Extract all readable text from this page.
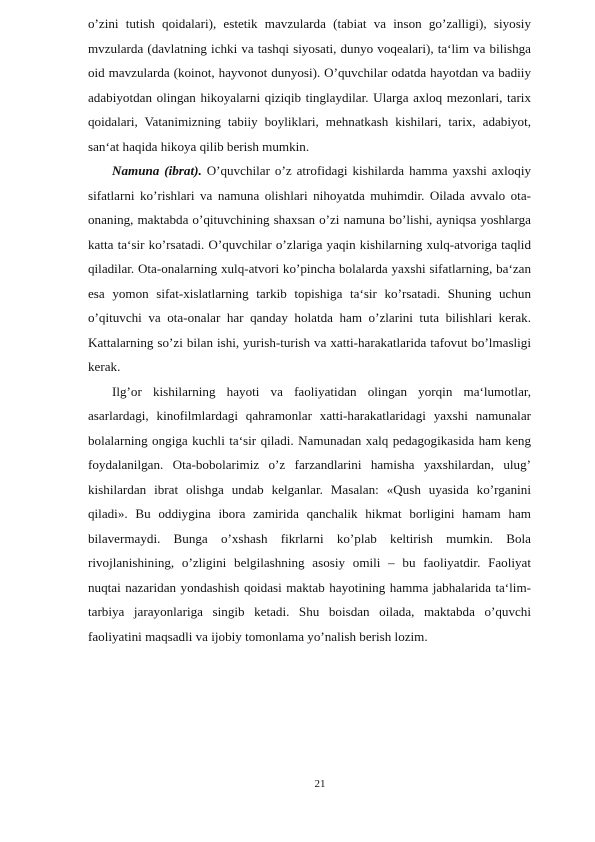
o’zini tutish qoidalari), estetik mavzularda (tabiat va inson go’zalligi), siyosiy mvzularda (davlatning ichki va tashqi siyosati, dunyo voqealari), ta‘lim va bilishga oid mavzularda (koinot, hayvonot dunyosi). O’quvchilar odatda hayotdan va badiiy adabiyotdan olingan hikoyalarni qiziqib tinglaydilar. Ularga axloq mezonlari, tarix qoidalari, Vatanimizning tabiiy boyliklari, mehnatkash kishilari, tarix, adabiyot, san‘at haqida hikoya qilib berish mumkin.

Namuna (ibrat). O’quvchilar o’z atrofidagi kishilarda hamma yaxshi axloqiy sifatlarni ko’rishlari va namuna olishlari nihoyatda muhimdir. Oilada avvalo ota-onaning, maktabda o’qituvchining shaxsan o’zi namuna bo’lishi, ayniqsa yoshlarga katta ta‘sir ko’rsatadi. O’quvchilar o’zlariga yaqin kishilarning xulq-atvoriga taqlid qiladilar. Ota-onalarning xulq-atvori ko’pincha bolalarda yaxshi sifatlarning, ba‘zan esa yomon sifat-xislatlarning tarkib topishiga ta‘sir ko’rsatadi. Shuning uchun o’qituvchi va ota-onalar har qanday holatda ham o’zlarini tuta bilishlari kerak. Kattalarning so’zi bilan ishi, yurish-turish va xatti-harakatlarida tafovut bo’lmasligi kerak.

Ilg’or kishilarning hayoti va faoliyatidan olingan yorqin ma‘lumotlar, asarlardagi, kinofilmlardagi qahramonlar xatti-harakatlaridagi yaxshi namunalar bolalarning ongiga kuchli ta‘sir qiladi. Namunadan xalq pedagogikasida ham keng foydalanilgan. Ota-bobolarimiz o’z farzandlarini hamisha yaxshilardan, ulug’ kishilardan ibrat olishga undab kelganlar. Masalan: «Qush uyasida ko’rganini qiladi». Bu oddiygina ibora zamirida qanchalik hikmat borligini hamam ham bilavermaydi. Bunga o’xshash fikrlarni ko’plab keltirish mumkin. Bola rivojlanishining, o’zligini belgilashning asosiy omili – bu faoliyatdir. Faoliyat nuqtai nazaridan yondashish qoidasi maktab hayotining hamma jabhalarida ta‘lim-tarbiya jarayonlariga singib ketadi. Shu boisdan oilada, maktabda o’quvchi faoliyatini maqsadli va ijobiy tomonlama yo’nalish berish lozim.

21
